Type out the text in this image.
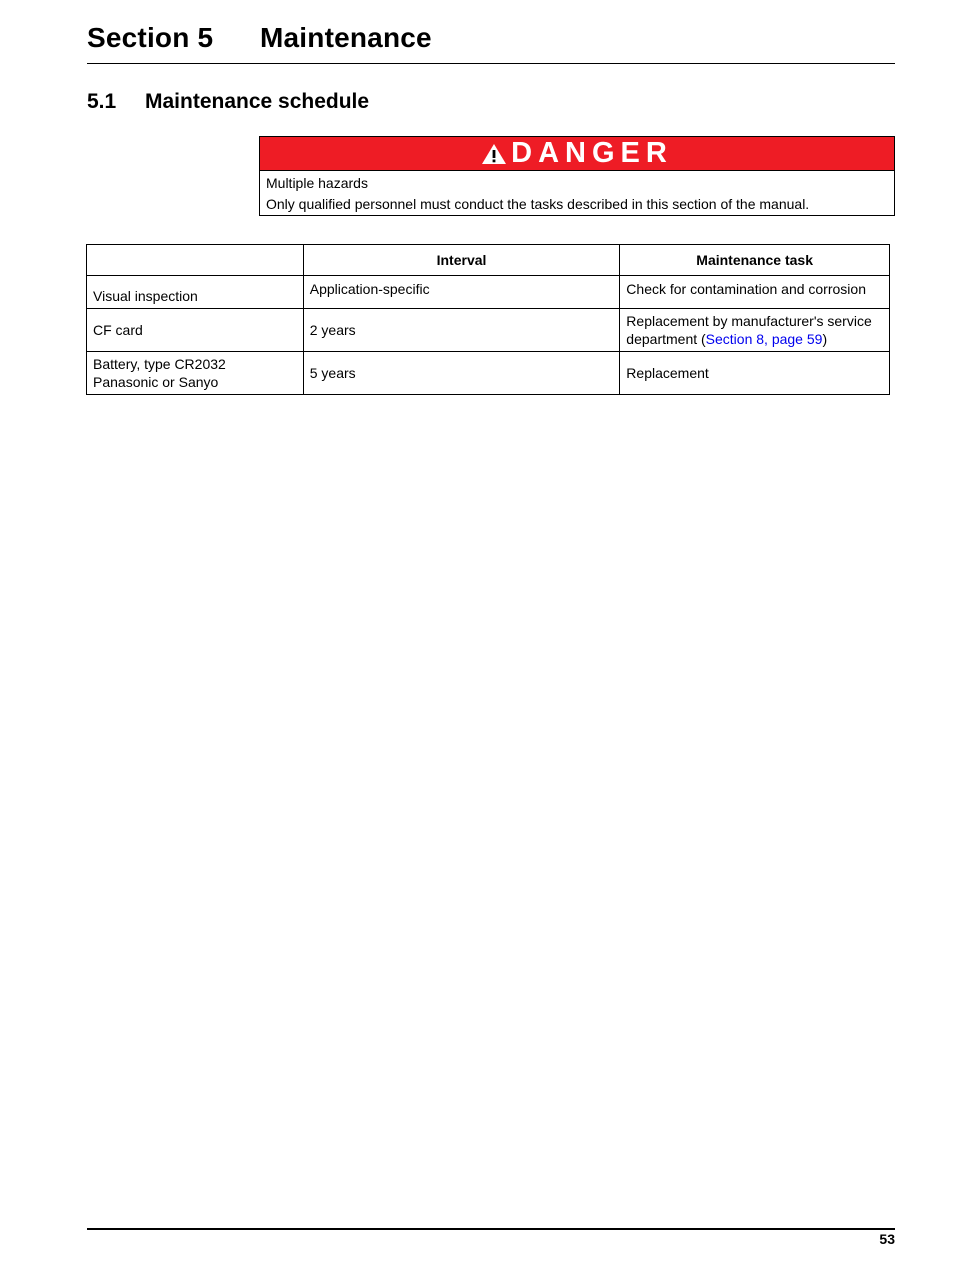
Section 5 Maintenance
5.1 Maintenance schedule
DANGER
Multiple hazards
Only qualified personnel must conduct the tasks described in this section of the manual.
	Interval	Maintenance task
Visual inspection	Application-specific	Check for contamination and corrosion
CF card	2 years	Replacement by manufacturer's service department (Section 8, page 59)

Battery, type CR2032
Panasonic or Sanyo	5 years	Replacement
53
